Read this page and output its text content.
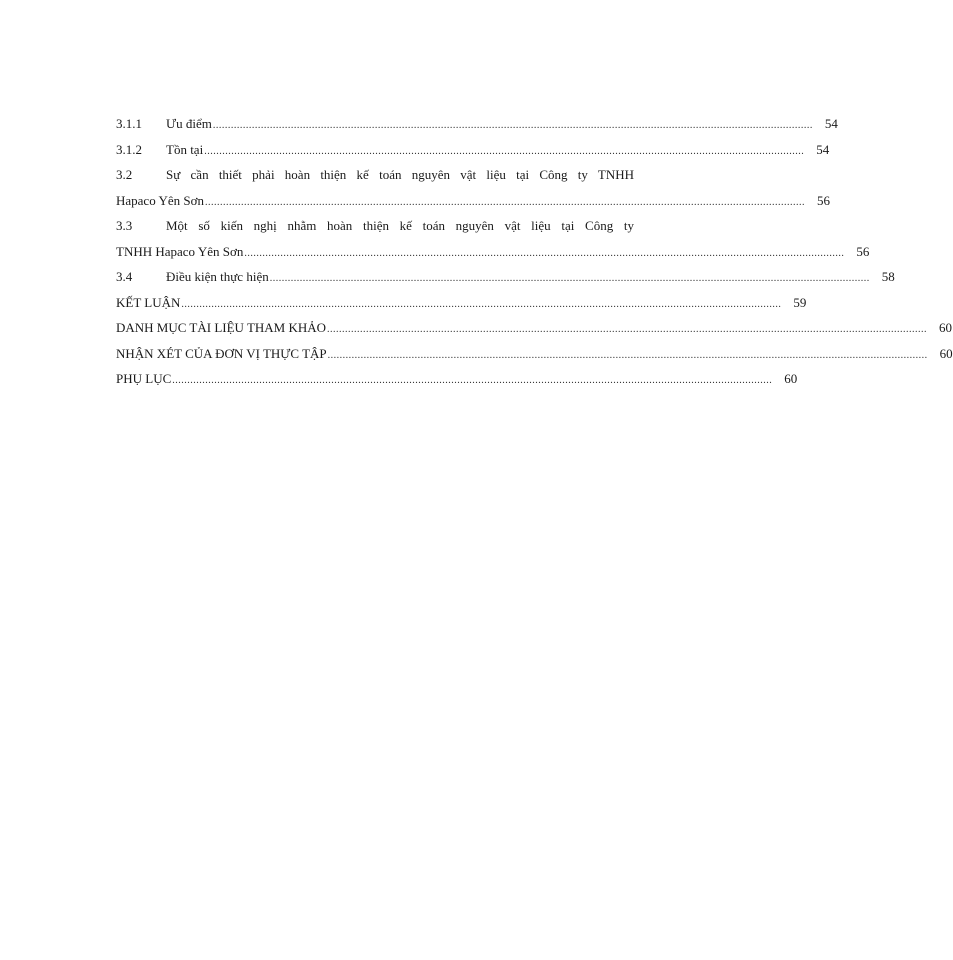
3.1.1	Ưu điểm ........................................................................................................................................................................................................ 54
3.1.2	Tồn tại ........................................................................................................................................................................................................ 54
3.2	Sự cần thiết phải hoàn thiện kế toán nguyên vật liệu tại Công ty TNHH
Hapaco Yên Sơn ........................................................................................................................................................................................................ 56
3.3	Một số kiến nghị nhằm hoàn thiện kế toán nguyên vật liệu tại Công ty
TNHH Hapaco Yên Sơn ........................................................................................................................................................................................................ 56
3.4	Điều kiện thực hiện ........................................................................................................................................................................................................ 58
KẾT LUẬN ........................................................................................................................................................................................................ 59
DANH MỤC TÀI LIỆU THAM KHẢO ........................................................................................................................................................................................................ 60
NHẬN XÉT CỦA ĐƠN VỊ THỰC TẬP ........................................................................................................................................................................................................ 60
PHỤ LỤC ........................................................................................................................................................................................................ 60
